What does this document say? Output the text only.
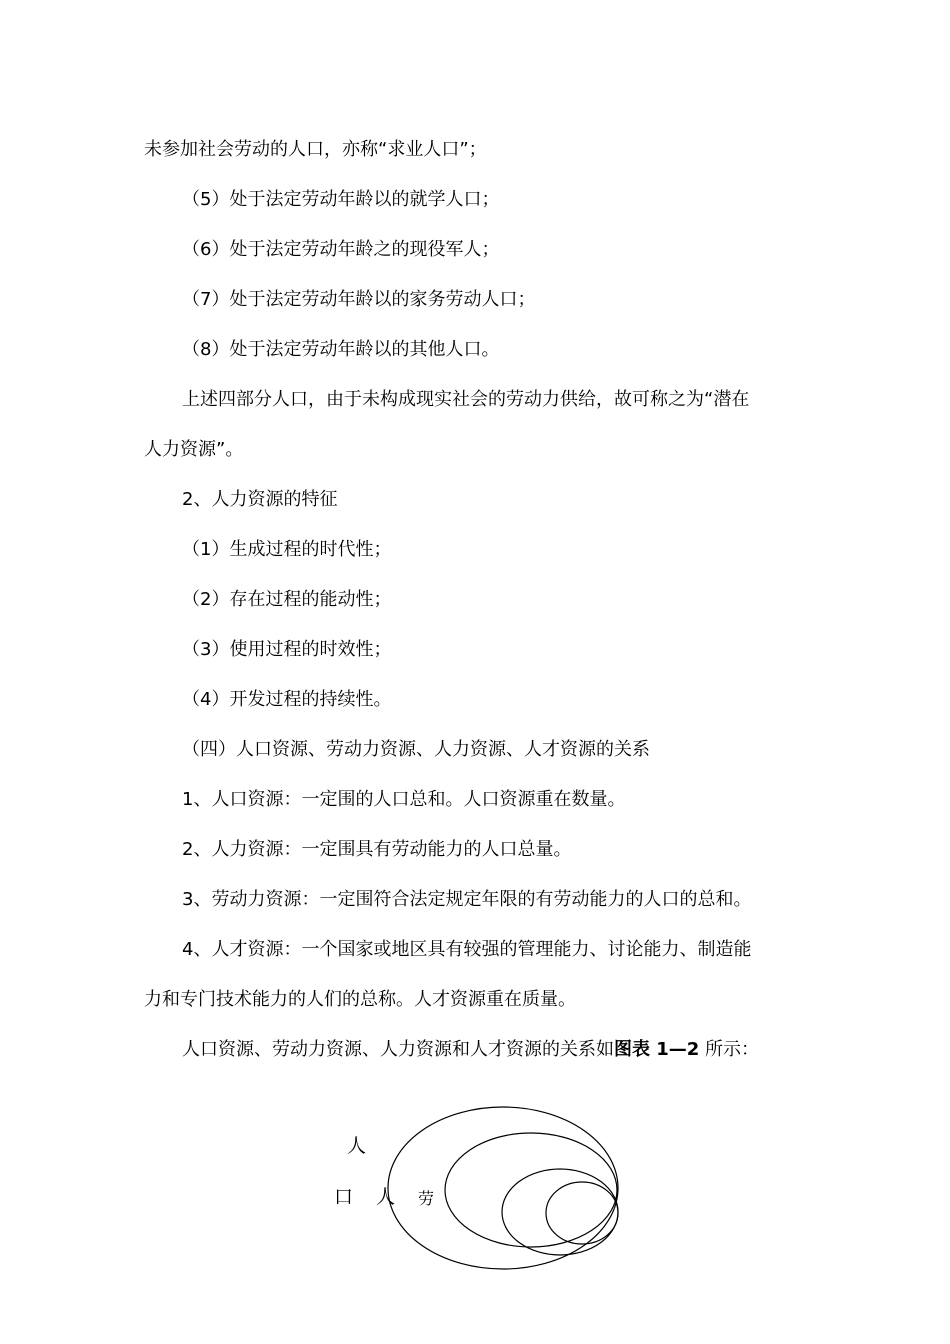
未参加社会劳动的人口，亦称“求业人口”；
（5）处于法定劳动年龄以的就学人口；
（6）处于法定劳动年龄之的现役军人；
（7）处于法定劳动年龄以的家务劳动人口；
（8）处于法定劳动年龄以的其他人口。
上述四部分人口，由于未构成现实社会的劳动力供给，故可称之为“潜在
人力资源”。
2、人力资源的特征
（1）生成过程的时代性；
（2）存在过程的能动性；
（3）使用过程的时效性；
（4）开发过程的持续性。
（四）人口资源、劳动力资源、人力资源、人才资源的关系
1、人口资源：一定围的人口总和。人口资源重在数量。
2、人力资源：一定围具有劳动能力的人口总量。
3、劳动力资源：一定围符合法定规定年限的有劳动能力的人口的总和。
4、人才资源：一个国家或地区具有较强的管理能力、讨论能力、制造能
力和专门技术能力的人们的总称。人才资源重在质量。
人口资源、劳动力资源、人力资源和人才资源的关系如图表 1—2 所示：
人
口 人 劳
